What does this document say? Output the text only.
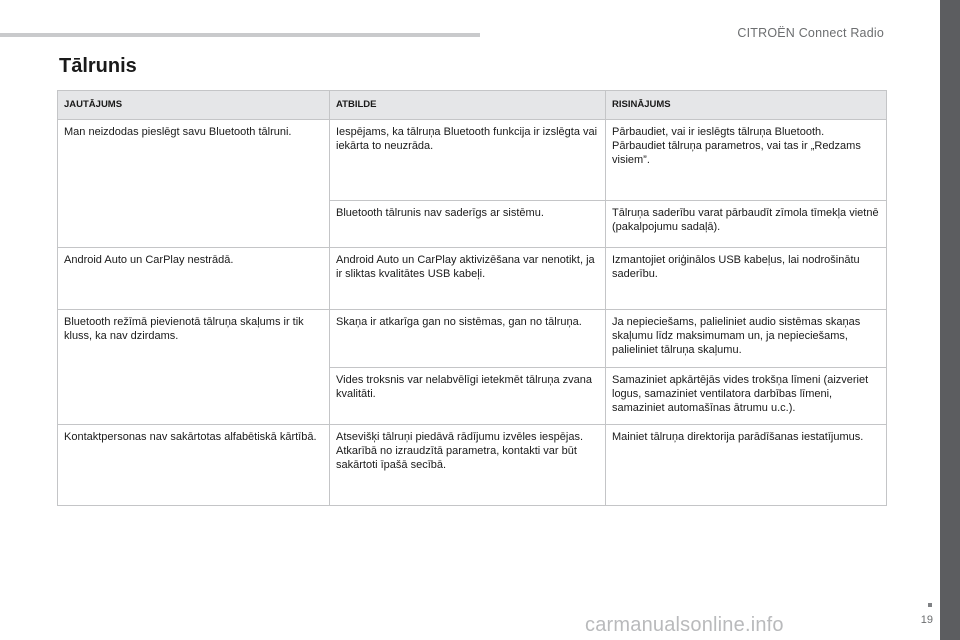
CITROËN Connect Radio
Tālrunis
JAUTĀJUMS	ATBILDE	RISINĀJUMS
Man neizdodas pieslēgt savu Bluetooth tālruni.	Iespējams, ka tālruņa Bluetooth funkcija ir izslēgta vai iekārta to neuzrāda.	Pārbaudiet, vai ir ieslēgts tālruņa Bluetooth. Pārbaudiet tālruņa parametros, vai tas ir „Redzams visiem”.
	Bluetooth tālrunis nav saderīgs ar sistēmu.	Tālruņa saderību varat pārbaudīt zīmola tīmekļa vietnē (pakalpojumu sadaļā).
Android Auto un CarPlay nestrādā.	Android Auto un CarPlay aktivizēšana var nenotikt, ja ir sliktas kvalitātes USB kabeļi.	Izmantojiet oriģinālos USB kabeļus, lai nodrošinātu saderību.
Bluetooth režīmā pievienotā tālruņa skaļums ir tik kluss, ka nav dzirdams.	Skaņa ir atkarīga gan no sistēmas, gan no tālruņa.	Ja nepieciešams, palieliniet audio sistēmas skaņas skaļumu līdz maksimumam un, ja nepieciešams, palieliniet tālruņa skaļumu.
	Vides troksnis var nelabvēlīgi ietekmēt tālruņa zvana kvalitāti.	Samaziniet apkārtējās vides trokšņa līmeni (aizveriet logus, samaziniet ventilatora darbības līmeni, samaziniet automašīnas ātrumu u.c.).
Kontaktpersonas nav sakārtotas alfabētiskā kārtībā.	Atsevišķi tālruņi piedāvā rādījumu izvēles iespējas. Atkarībā no izraudzītā parametra, kontakti var būt sakārtoti īpašā secībā.	Mainiet tālruņa direktorija parādīšanas iestatījumus.
19
carmanualsonline.info
